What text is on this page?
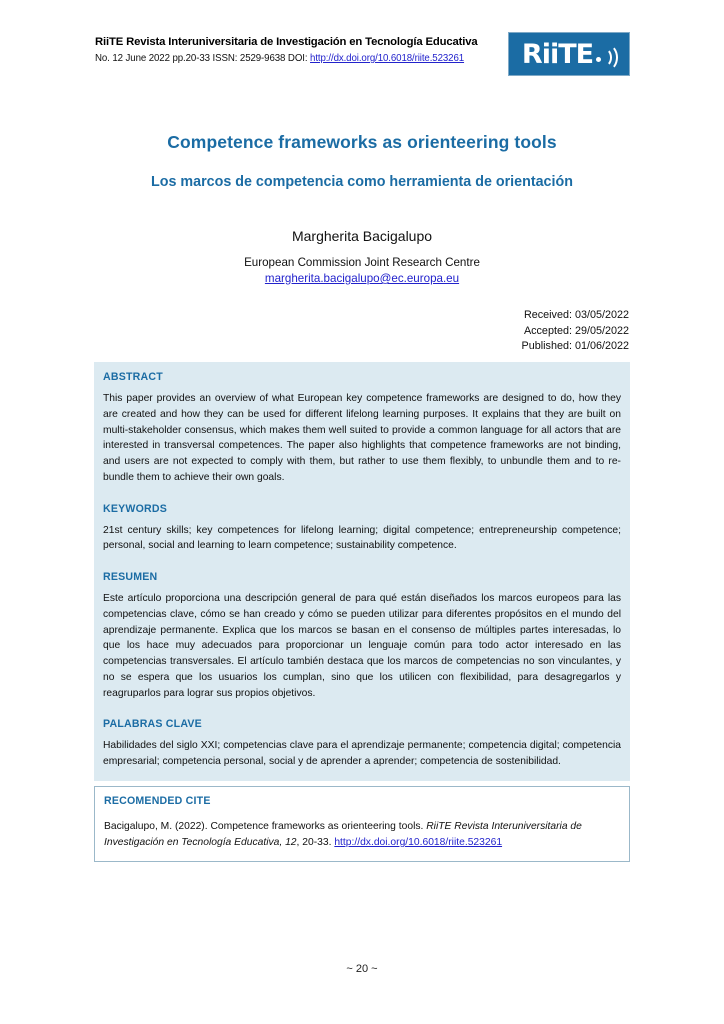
RiiTE Revista Interuniversitaria de Investigación en Tecnología Educativa
No. 12 June 2022 pp.20-33 ISSN: 2529-9638 DOI: http://dx.doi.org/10.6018/riite.523261	RiiTE
Competence frameworks as orienteering tools
Los marcos de competencia como herramienta de orientación
Margherita Bacigalupo
European Commission Joint Research Centre
margherita.bacigalupo@ec.europa.eu
Received: 03/05/2022
Accepted: 29/05/2022
Published: 01/06/2022
ABSTRACT

This paper provides an overview of what European key competence frameworks are designed to do, how they are created and how they can be used for different lifelong learning purposes. It explains that they are built on multi-stakeholder consensus, which makes them well suited to provide a common language for all actors that are interested in transversal competences. The paper also highlights that competence frameworks are not binding, and users are not expected to comply with them, but rather to use them flexibly, to unbundle them and to re-bundle them to achieve their own goals.

KEYWORDS

21st century skills; key competences for lifelong learning; digital competence; entrepreneurship competence; personal, social and learning to learn competence; sustainability competence.

RESUMEN

Este artículo proporciona una descripción general de para qué están diseñados los marcos europeos para las competencias clave, cómo se han creado y cómo se pueden utilizar para diferentes propósitos en el mundo del aprendizaje permanente. Explica que los marcos se basan en el consenso de múltiples partes interesadas, lo que los hace muy adecuados para proporcionar un lenguaje común para todo actor interesado en las competencias transversales. El artículo también destaca que los marcos de competencias no son vinculantes, y no se espera que los usuarios los cumplan, sino que los utilicen con flexibilidad, para desagregarlos y reagruparlos para lograr sus propios objetivos.

PALABRAS CLAVE

Habilidades del siglo XXI; competencias clave para el aprendizaje permanente; competencia digital; competencia empresarial; competencia personal, social y de aprender a aprender; competencia de sostenibilidad.

RECOMENDED CITE

Bacigalupo, M. (2022). Competence frameworks as orienteering tools. RiiTE Revista Interuniversitaria de Investigación en Tecnología Educativa, 12, 20-33. http://dx.doi.org/10.6018/riite.523261

~ 20 ~
